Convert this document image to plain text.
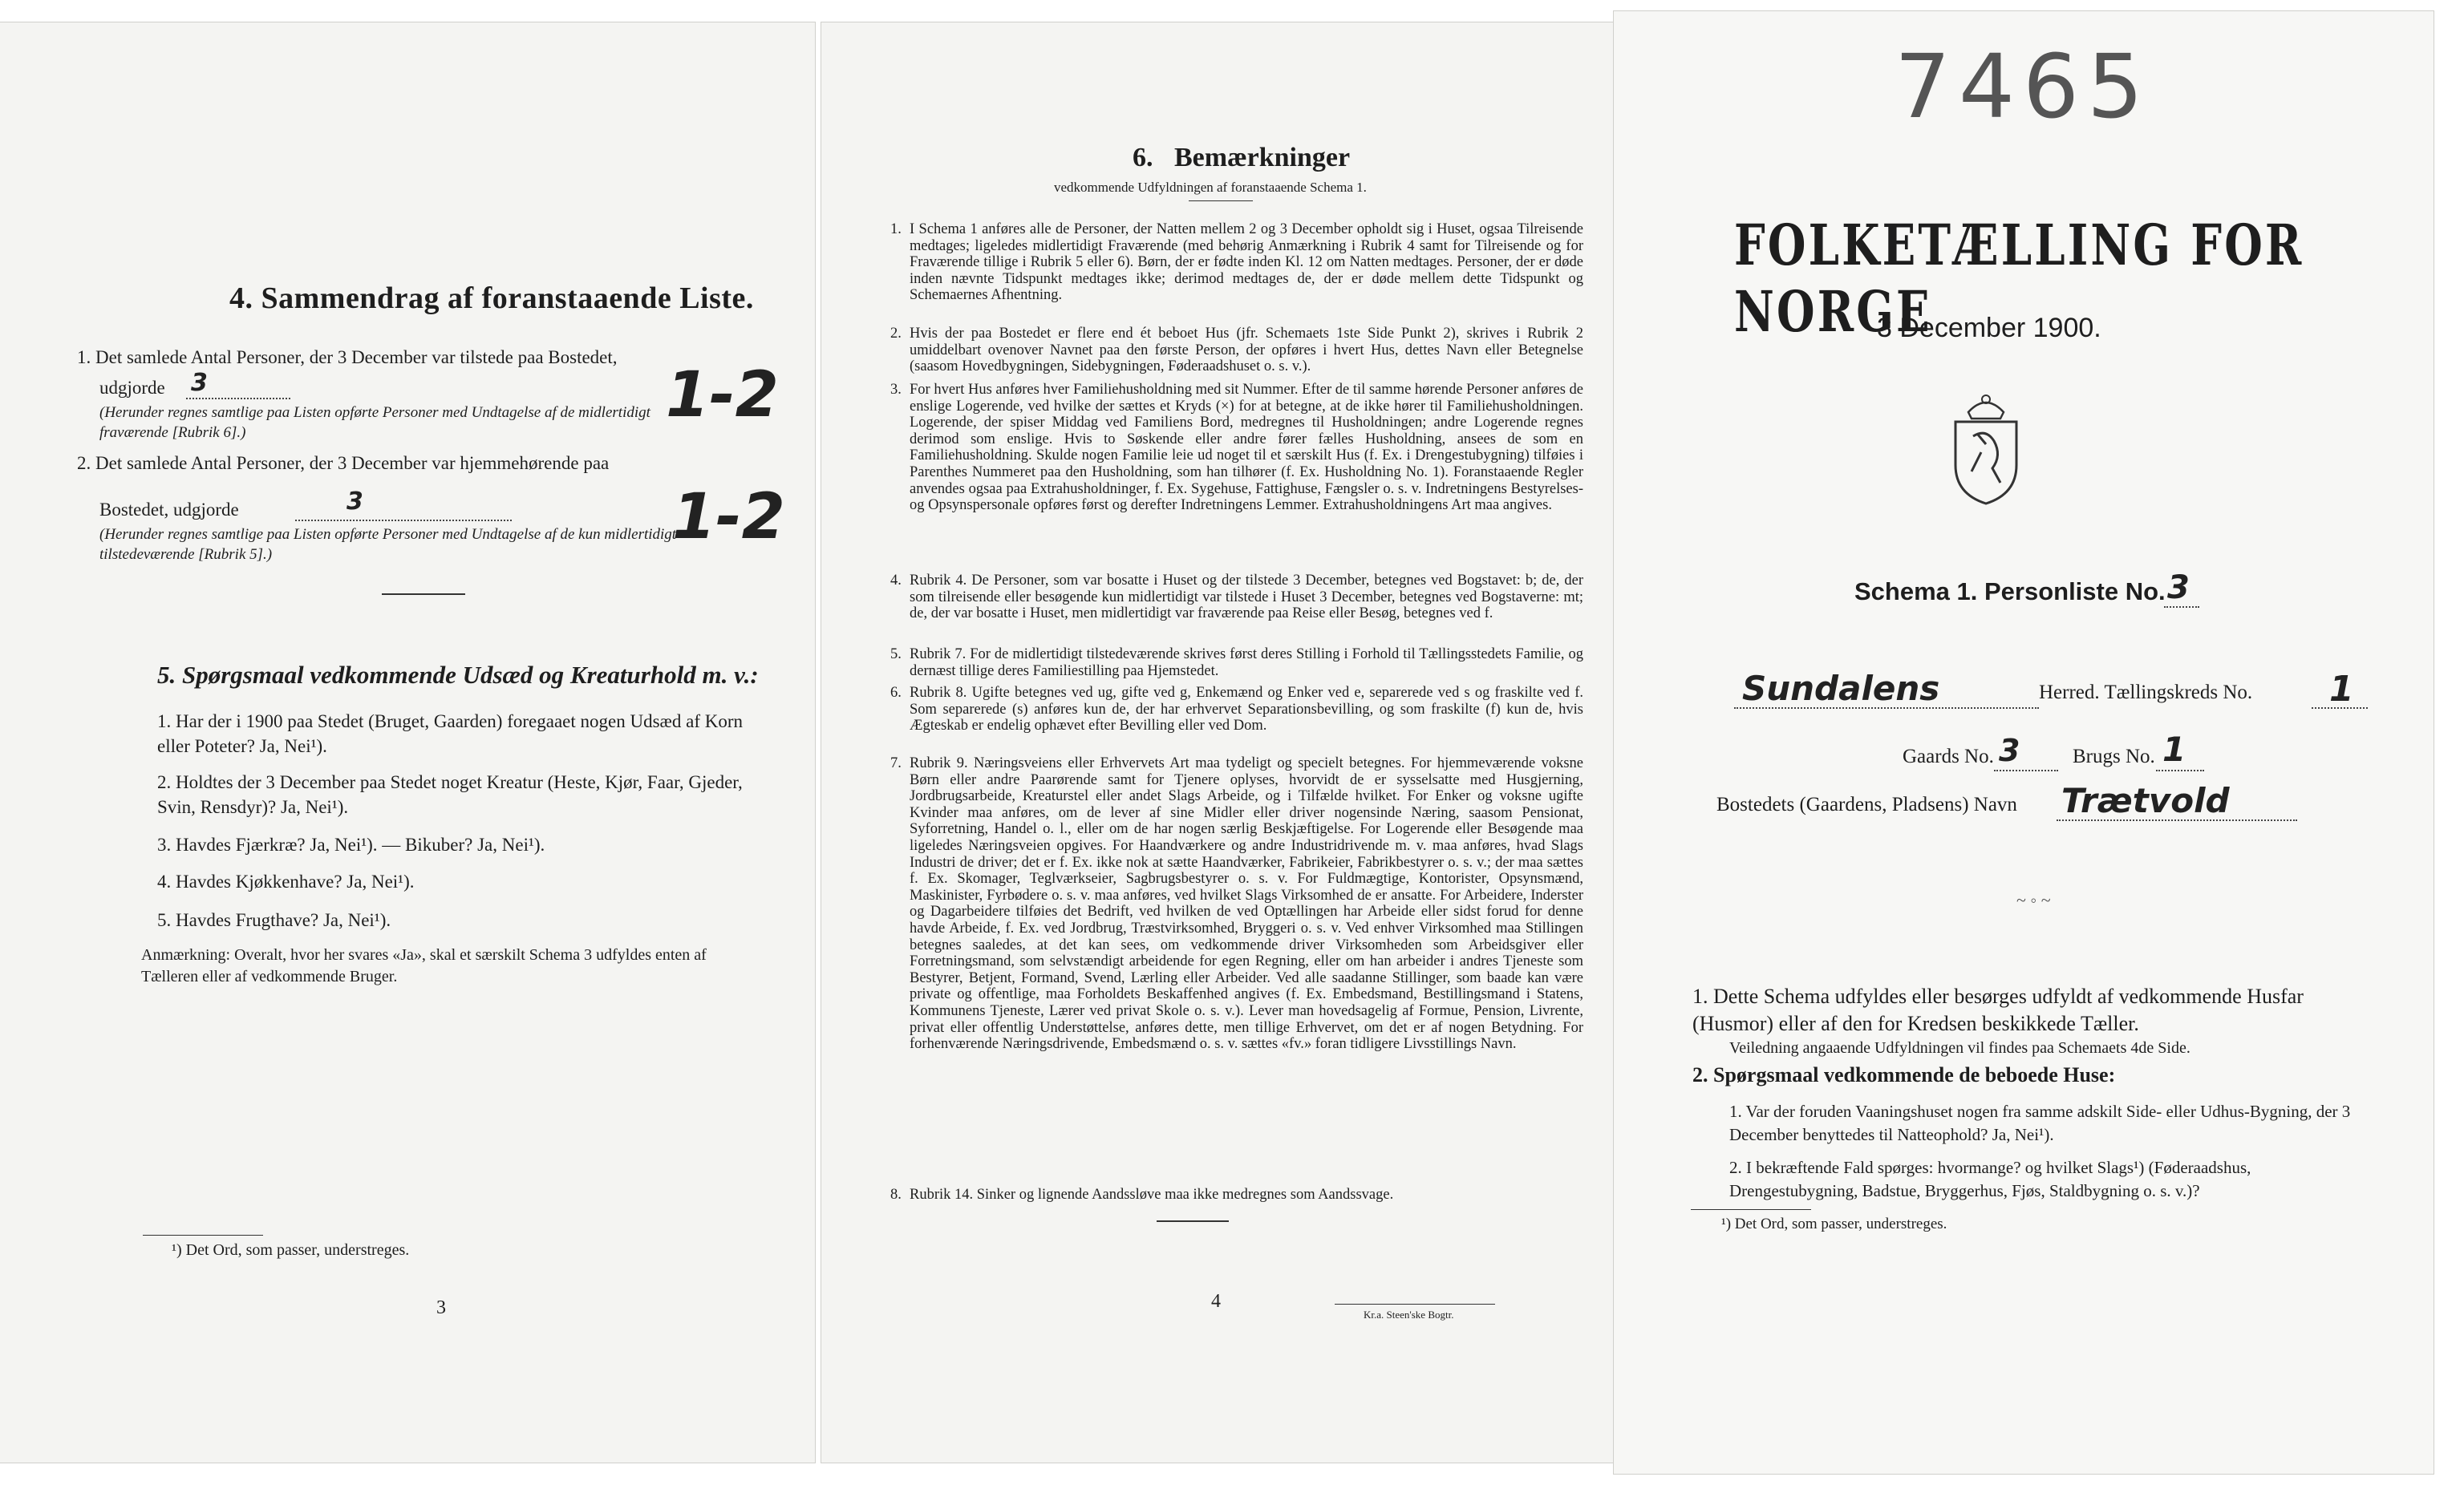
4. Sammendrag af foranstaaende Liste.
1. Det samlede Antal Personer, der 3 December var tilstede paa Bostedet,
udgjorde 3
(Herunder regnes samtlige paa Listen opførte Personer med Undtagelse af de midlertidigt fraværende [Rubrik 6].)
1-2
2. Det samlede Antal Personer, der 3 December var hjemmehørende paa
Bostedet, udgjorde	3
(Herunder regnes samtlige paa Listen opførte Personer med Undtagelse af de kun midlertidigt tilstedeværende [Rubrik 5].)
1-2
5. Spørgsmaal vedkommende Udsæd og Kreaturhold m. v.:
1. Har der i 1900 paa Stedet (Bruget, Gaarden) foregaaet nogen Udsæd af Korn eller Poteter? Ja, Nei¹).
2. Holdtes der 3 December paa Stedet noget Kreatur (Heste, Kjør, Faar, Gjeder, Svin, Rensdyr)? Ja, Nei¹).
3. Havdes Fjærkræ? Ja, Nei¹). — Bikuber? Ja, Nei¹).
4. Havdes Kjøkkenhave? Ja, Nei¹).
5. Havdes Frugthave? Ja, Nei¹).
Anmærkning: Overalt, hvor her svares «Ja», skal et særskilt Schema 3 udfyldes enten af Tælleren eller af vedkommende Bruger.
¹) Det Ord, som passer, understreges.
3
6. Bemærkninger
vedkommende Udfyldningen af foranstaaende Schema 1.
1. I Schema 1 anføres alle de Personer, der Natten mellem 2 og 3 December opholdt sig i Huset, ogsaa Tilreisende medtages; ligeledes midlertidigt Fraværende (med behørig Anmærkning i Rubrik 4 samt for Tilreisende og for Fraværende tillige i Rubrik 5 eller 6). Børn, der er fødte inden Kl. 12 om Natten medtages. Personer, der er døde inden nævnte Tidspunkt medtages ikke; derimod medtages de, der er døde mellem dette Tidspunkt og Schemaernes Afhentning.
2. Hvis der paa Bostedet er flere end ét beboet Hus (jfr. Schemaets 1ste Side Punkt 2), skrives i Rubrik 2 umiddelbart ovenover Navnet paa den første Person, der opføres i hvert Hus, dettes Navn eller Betegnelse (saasom Hovedbygningen, Sidebygningen, Føderaadshuset o. s. v.).
3. For hvert Hus anføres hver Familiehusholdning med sit Nummer. Efter de til samme hørende Personer anføres de enslige Logerende, ved hvilke der sættes et Kryds (×) for at betegne, at de ikke hører til Familiehusholdningen. Logerende, der spiser Middag ved Familiens Bord, medregnes til Husholdningen; andre Logerende regnes derimod som enslige. Hvis to Søskende eller andre fører fælles Husholdning, ansees de som en Familiehusholdning. Skulde nogen Familie leie ud noget til et særskilt Hus (f. Ex. i Drengestubygning) tilføies i Parenthes Nummeret paa den Husholdning, som han tilhører (f. Ex. Husholdning No. 1). Foranstaaende Regler anvendes ogsaa paa Extrahusholdninger, f. Ex. Sygehuse, Fattighuse, Fængsler o. s. v. Indretningens Bestyrelses- og Opsynspersonale opføres først og derefter Indretningens Lemmer. Extrahusholdningens Art maa angives.
4. Rubrik 4. De Personer, som var bosatte i Huset og der tilstede 3 December, betegnes ved Bogstavet: b; de, der som tilreisende eller besøgende kun midlertidigt var tilstede i Huset 3 December, betegnes ved Bogstaverne: mt; de, der var bosatte i Huset, men midlertidigt var fraværende paa Reise eller Besøg, betegnes ved f.
5. Rubrik 7. For de midlertidigt tilstedeværende skrives først deres Stilling i Forhold til Tællingsstedets Familie, og dernæst tillige deres Familiestilling paa Hjemstedet.
6. Rubrik 8. Ugifte betegnes ved ug, gifte ved g, Enkemænd og Enker ved e, separerede ved s og fraskilte ved f. Som separerede (s) anføres kun de, der har erhvervet Separationsbevilling, og som fraskilte (f) kun de, hvis Ægteskab er endelig ophævet efter Bevilling eller ved Dom.
7. Rubrik 9. Næringsveiens eller Erhvervets Art maa tydeligt og specielt betegnes. For hjemmeværende voksne Børn eller andre Paarørende samt for Tjenere oplyses, hvorvidt de er sysselsatte med Husgjerning, Jordbrugsarbeide, Kreaturstel eller andet Slags Arbeide, og i Tilfælde hvilket. For Enker og voksne ugifte Kvinder maa anføres, om de lever af sine Midler eller driver nogensinde Næring, saasom Pensionat, Syforretning, Handel o. l., eller om de har nogen særlig Beskjæftigelse. For Logerende eller Besøgende maa ligeledes Næringsveien opgives. For Haandværkere og andre Industridrivende m. v. maa anføres, hvad Slags Industri de driver; det er f. Ex. ikke nok at sætte Haandværker, Fabrikeier, Fabrikbestyrer o. s. v.; der maa sættes f. Ex. Skomager, Teglværkseier, Sagbrugsbestyrer o. s. v. For Fuldmægtige, Kontorister, Opsynsmænd, Maskinister, Fyrbødere o. s. v. maa anføres, ved hvilket Slags Virksomhed de er ansatte. For Arbeidere, Inderster og Dagarbeidere tilføies det Bedrift, ved hvilken de ved Optællingen har Arbeide eller sidst forud for denne havde Arbeide, f. Ex. ved Jordbrug, Træstvirksomhed, Bryggeri o. s. v. Ved enhver Virksomhed maa Stillingen betegnes saaledes, at det kan sees, om vedkommende driver Virksomheden som Arbeidsgiver eller Forretningsmand, som selvstændigt arbeidende for egen Regning, eller om han arbeider i andres Tjeneste som Bestyrer, Betjent, Formand, Svend, Lærling eller Arbeider. Ved alle saadanne Stillinger, som baade kan være private og offentlige, maa Forholdets Beskaffenhed angives (f. Ex. Embedsmand, Bestillingsmand i Statens, Kommunens Tjeneste, Lærer ved privat Skole o. s. v.). Lever man hovedsagelig af Formue, Pension, Livrente, privat eller offentlig Understøttelse, anføres dette, men tillige Erhvervet, om det er af nogen Betydning. For forhenværende Næringsdrivende, Embedsmænd o. s. v. sættes «fv.» foran tidligere Livsstillings Navn.
8. Rubrik 14. Sinker og lignende Aandssløve maa ikke medregnes som Aandssvage.
4
Kr.a. Steen'ske Bogtr.
7465
FOLKETÆLLING FOR NORGE
3 December 1900.
Schema 1. Personliste No. 3
Sundalens	Herred. Tællingskreds No. 1
Gaards No. 3	Brugs No. 1
Bostedets (Gaardens, Pladsens) Navn Trætvold
~ ◦ ~
1. Dette Schema udfyldes eller besørges udfyldt af vedkommende Husfar (Husmor) eller af den for Kredsen beskikkede Tæller.
Veiledning angaaende Udfyldningen vil findes paa Schemaets 4de Side.
2. Spørgsmaal vedkommende de beboede Huse:
1. Var der foruden Vaaningshuset nogen fra samme adskilt Side- eller Udhus-Bygning, der 3 December benyttedes til Natteophold? Ja, Nei¹).
2. I bekræftende Fald spørges: hvormange? og hvilket Slags¹) (Føderaadshus, Drengestubygning, Badstue, Bryggerhus, Fjøs, Staldbygning o. s. v.)?
¹) Det Ord, som passer, understreges.
